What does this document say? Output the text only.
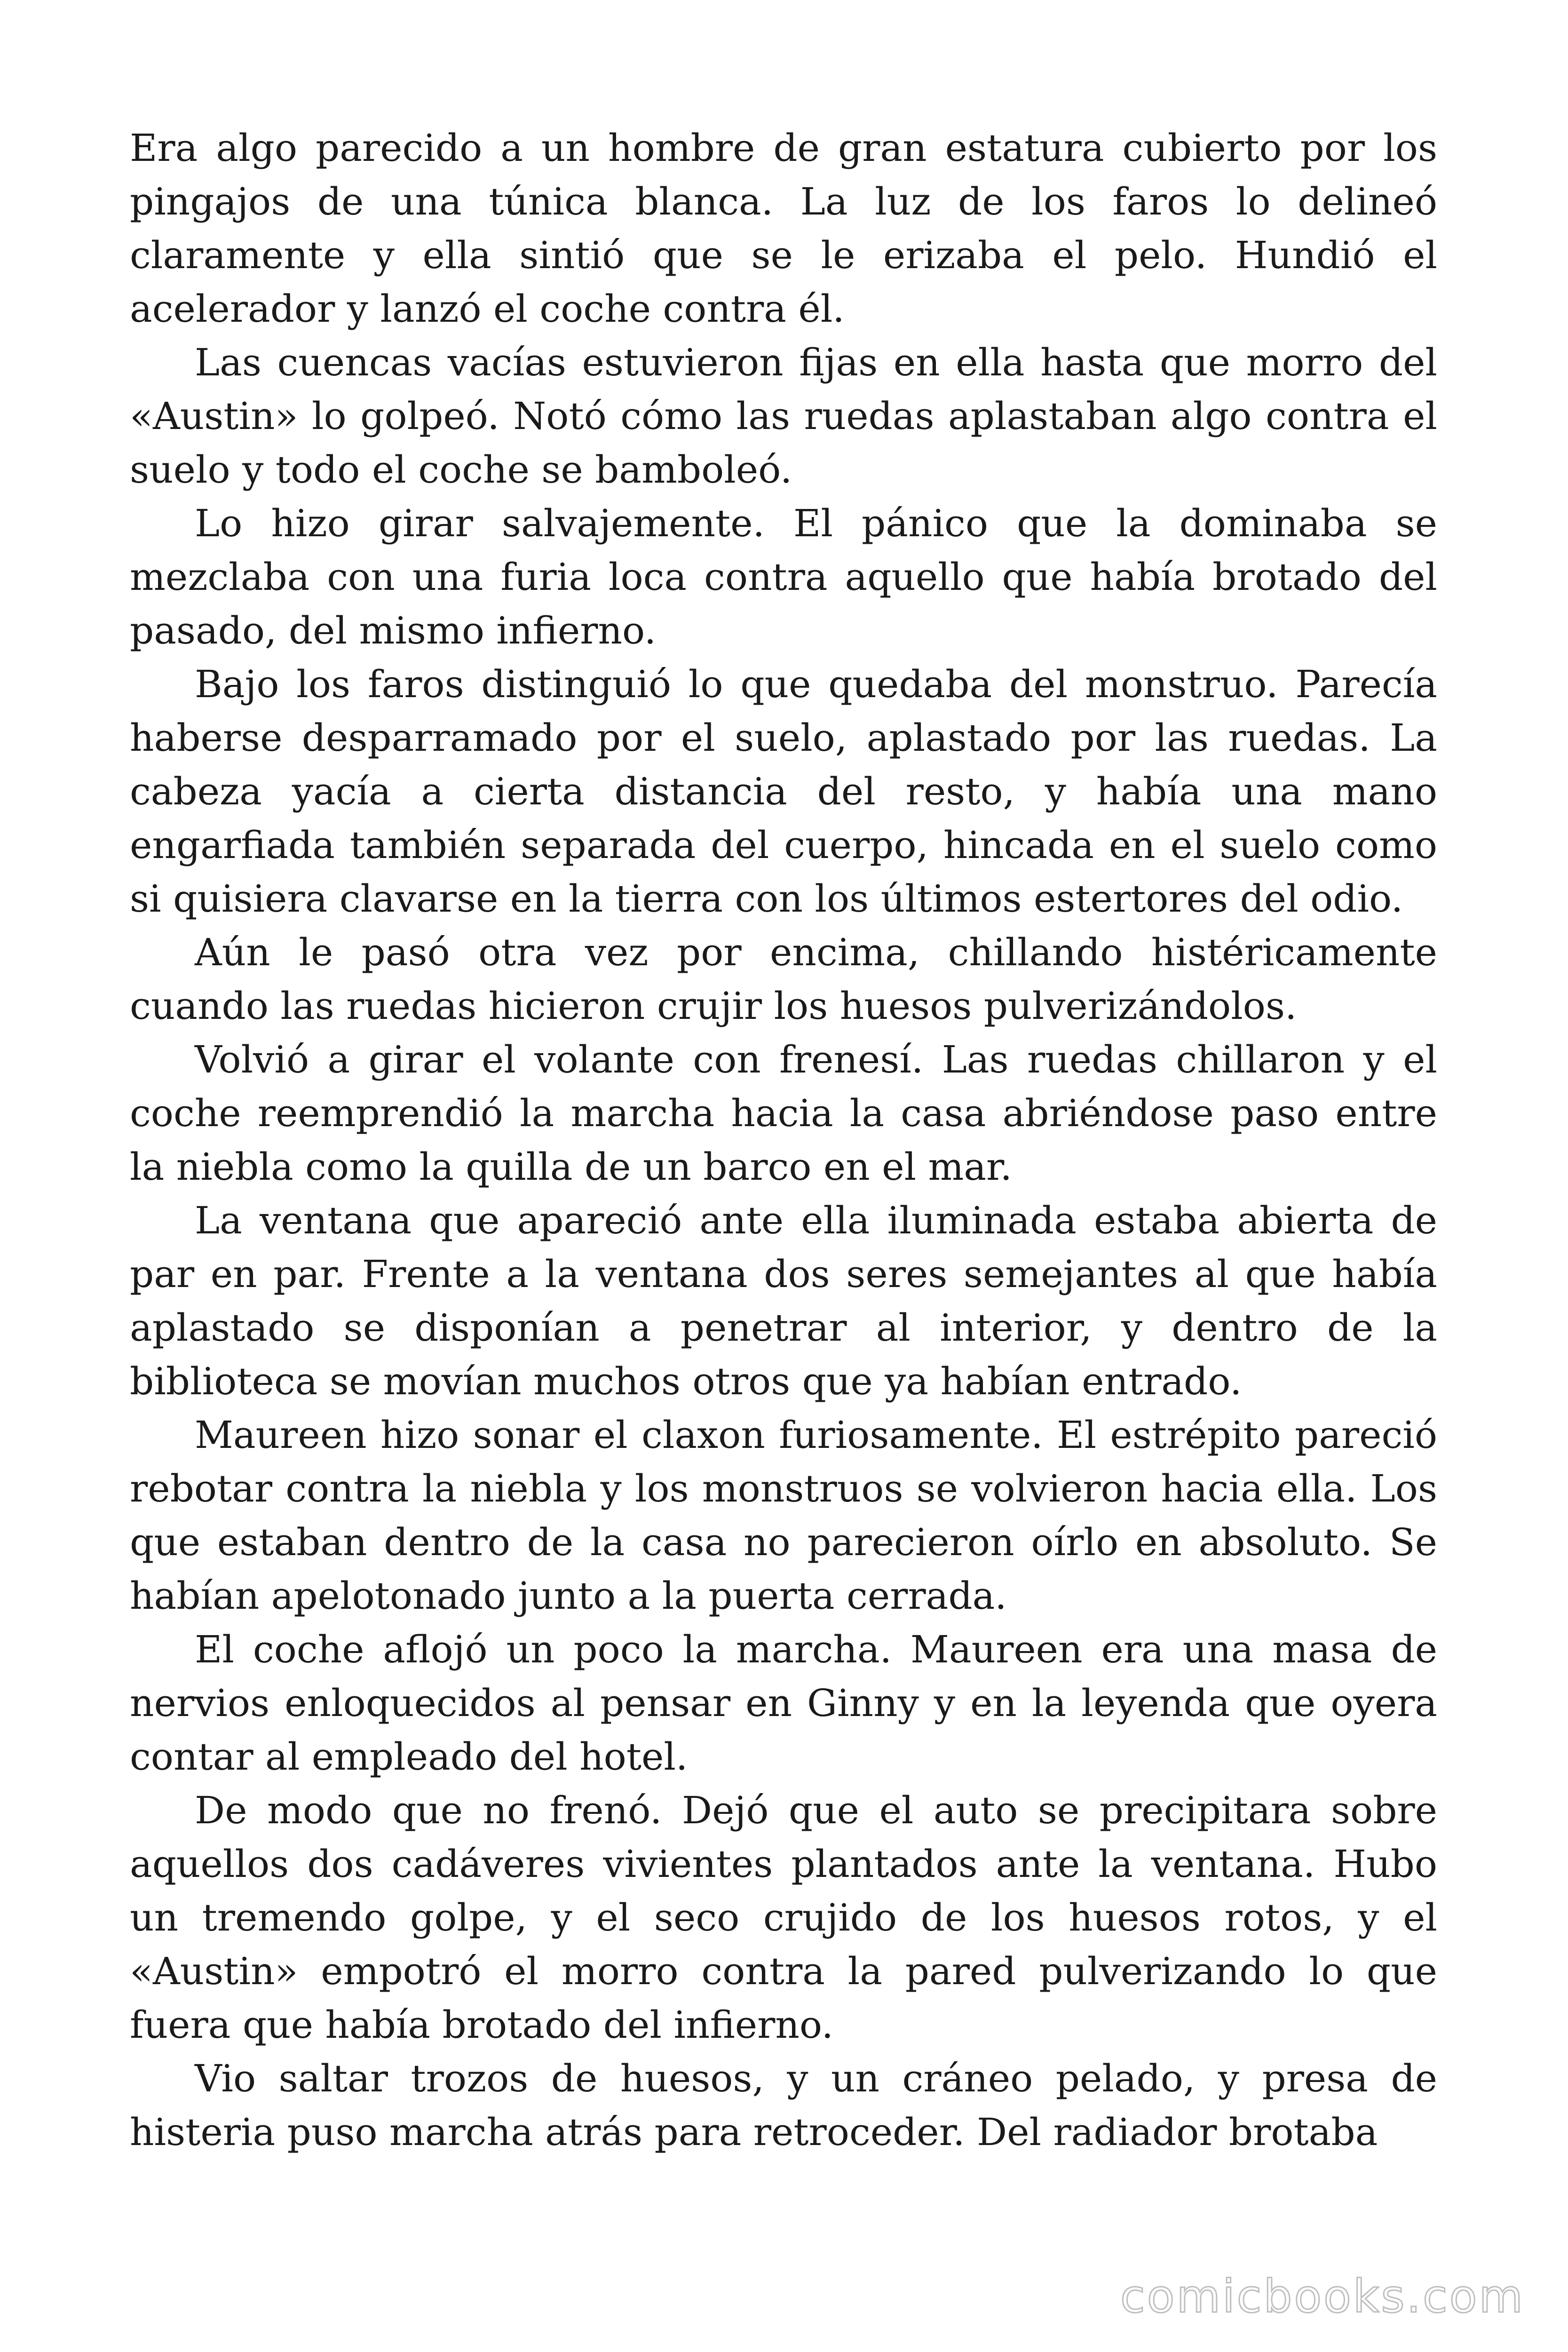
Era algo parecido a un hombre de gran estatura cubierto por los pingajos de una túnica blanca. La luz de los faros lo delineó claramente y ella sintió que se le erizaba el pelo. Hundió el acelerador y lanzó el coche contra él.

Las cuencas vacías estuvieron fijas en ella hasta que morro del «Austin» lo golpeó. Notó cómo las ruedas aplastaban algo contra el suelo y todo el coche se bamboleó.

Lo hizo girar salvajemente. El pánico que la dominaba se mezclaba con una furia loca contra aquello que había brotado del pasado, del mismo infierno.

Bajo los faros distinguió lo que quedaba del monstruo. Parecía haberse desparramado por el suelo, aplastado por las ruedas. La cabeza yacía a cierta distancia del resto, y había una mano engarfiada también separada del cuerpo, hincada en el suelo como si quisiera clavarse en la tierra con los últimos estertores del odio.

Aún le pasó otra vez por encima, chillando histéricamente cuando las ruedas hicieron crujir los huesos pulverizándolos.

Volvió a girar el volante con frenesí. Las ruedas chillaron y el coche reemprendió la marcha hacia la casa abriéndose paso entre la niebla como la quilla de un barco en el mar.

La ventana que apareció ante ella iluminada estaba abierta de par en par. Frente a la ventana dos seres semejantes al que había aplastado se disponían a penetrar al interior, y dentro de la biblioteca se movían muchos otros que ya habían entrado.

Maureen hizo sonar el claxon furiosamente. El estrépito pareció rebotar contra la niebla y los monstruos se volvieron hacia ella. Los que estaban dentro de la casa no parecieron oírlo en absoluto. Se habían apelotonado junto a la puerta cerrada.

El coche aflojó un poco la marcha. Maureen era una masa de nervios enloquecidos al pensar en Ginny y en la leyenda que oyera contar al empleado del hotel.

De modo que no frenó. Dejó que el auto se precipitara sobre aquellos dos cadáveres vivientes plantados ante la ventana. Hubo un tremendo golpe, y el seco crujido de los huesos rotos, y el «Austin» empotró el morro contra la pared pulverizando lo que fuera que había brotado del infierno.

Vio saltar trozos de huesos, y un cráneo pelado, y presa de histeria puso marcha atrás para retroceder. Del radiador brotaba

comicbooks.com
